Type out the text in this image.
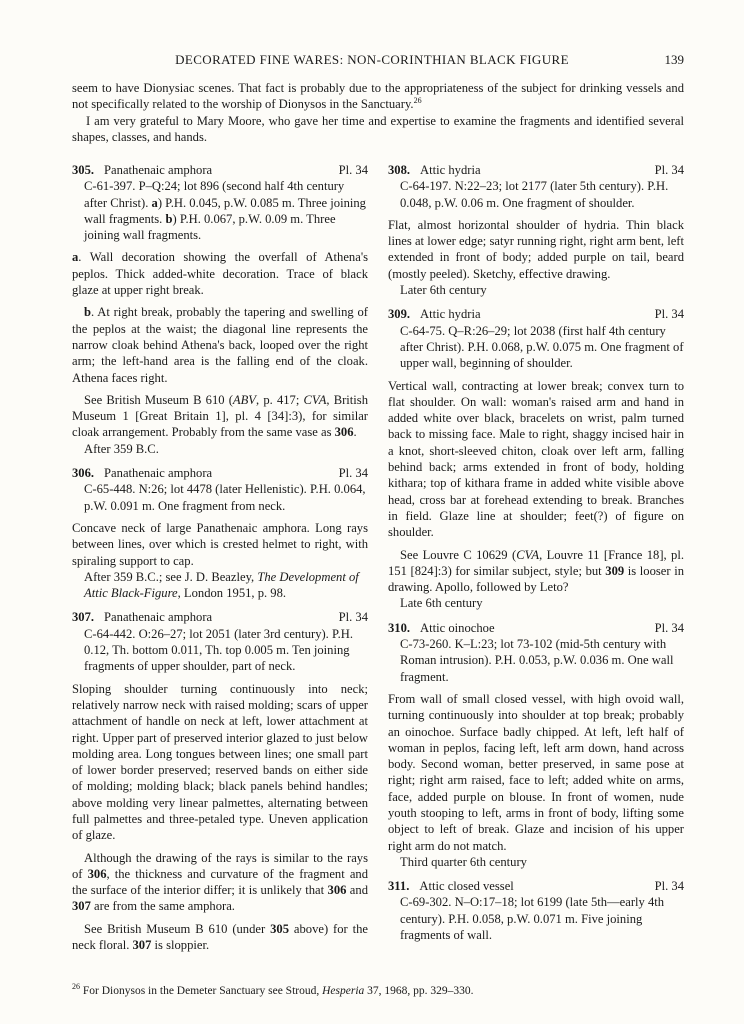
DECORATED FINE WARES: NON-CORINTHIAN BLACK FIGURE	139

seem to have Dionysiac scenes. That fact is probably due to the appropriateness of the subject for drinking vessels and not specifically related to the worship of Dionysos in the Sanctuary.$^{26}$

I am very grateful to Mary Moore, who gave her time and expertise to examine the fragments and identified several shapes, classes, and hands.

305. Panathenaic amphora	Pl. 34
C-61-397. P–Q:24; lot 896 (second half 4th century after Christ). a) P.H. 0.045, p.W. 0.085 m. Three joining wall fragments. b) P.H. 0.067, p.W. 0.09 m. Three joining wall fragments.

a. Wall decoration showing the overfall of Athena's peplos. Thick added-white decoration. Trace of black glaze at upper right break.

b. At right break, probably the tapering and swelling of the peplos at the waist; the diagonal line represents the narrow cloak behind Athena's back, looped over the right arm; the left-hand area is the falling end of the cloak. Athena faces right.

See British Museum B 610 (ABV, p. 417; CVA, British Museum 1 [Great Britain 1], pl. 4 [34]:3), for similar cloak arrangement. Probably from the same vase as 306.

After 359 B.C.
306. Panathenaic amphora	Pl. 34
C-65-448. N:26; lot 4478 (later Hellenistic). P.H. 0.064, p.W. 0.091 m. One fragment from neck.

Concave neck of large Panathenaic amphora. Long rays between lines, over which is crested helmet to right, with spiraling support to cap.

After 359 B.C.; see J. D. Beazley, The Development of Attic Black-Figure, London 1951, p. 98.
307. Panathenaic amphora	Pl. 34
C-64-442. O:26–27; lot 2051 (later 3rd century). P.H. 0.12, Th. bottom 0.011, Th. top 0.005 m. Ten joining fragments of upper shoulder, part of neck.

Sloping shoulder turning continuously into neck; relatively narrow neck with raised molding; scars of upper attachment of handle on neck at left, lower attachment at right. Upper part of preserved interior glazed to just below molding area. Long tongues between lines; one small part of lower border preserved; reserved bands on either side of molding; molding black; black panels behind handles; above molding very linear palmettes, alternating between full palmettes and three-petaled type. Uneven application of glaze.

Although the drawing of the rays is similar to the rays of 306, the thickness and curvature of the fragment and the surface of the interior differ; it is unlikely that 306 and 307 are from the same amphora.

See British Museum B 610 (under 305 above) for the neck floral. 307 is sloppier.

308. Attic hydria	Pl. 34
C-64-197. N:22–23; lot 2177 (later 5th century). P.H. 0.048, p.W. 0.06 m. One fragment of shoulder.

Flat, almost horizontal shoulder of hydria. Thin black lines at lower edge; satyr running right, right arm bent, left extended in front of body; added purple on tail, beard (mostly peeled). Sketchy, effective drawing.

Later 6th century
309. Attic hydria	Pl. 34
C-64-75. Q–R:26–29; lot 2038 (first half 4th century after Christ). P.H. 0.068, p.W. 0.075 m. One fragment of upper wall, beginning of shoulder.

Vertical wall, contracting at lower break; convex turn to flat shoulder. On wall: woman's raised arm and hand in added white over black, bracelets on wrist, palm turned back to missing face. Male to right, shaggy incised hair in a knot, short-sleeved chiton, cloak over left arm, falling behind back; arms extended in front of body, holding kithara; top of kithara frame in added white visible above head, cross bar at forehead extending to break. Branches in field. Glaze line at shoulder; feet(?) of figure on shoulder.

See Louvre C 10629 (CVA, Louvre 11 [France 18], pl. 151 [824]:3) for similar subject, style; but 309 is looser in drawing. Apollo, followed by Leto?

Late 6th century
310. Attic oinochoe	Pl. 34
C-73-260. K–L:23; lot 73-102 (mid-5th century with Roman intrusion). P.H. 0.053, p.W. 0.036 m. One wall fragment.

From wall of small closed vessel, with high ovoid wall, turning continuously into shoulder at top break; probably an oinochoe. Surface badly chipped. At left, left half of woman in peplos, facing left, left arm down, hand across body. Second woman, better preserved, in same pose at right; right arm raised, face to left; added white on arms, face, added purple on blouse. In front of women, nude youth stooping to left, arms in front of body, lifting some object to left of break. Glaze and incision of his upper right arm do not match.

Third quarter 6th century
311. Attic closed vessel	Pl. 34
C-69-302. N–O:17–18; lot 6199 (late 5th—early 4th century). P.H. 0.058, p.W. 0.071 m. Five joining fragments of wall.
$^{26}$ For Dionysos in the Demeter Sanctuary see Stroud, Hesperia 37, 1968, pp. 329–330.
